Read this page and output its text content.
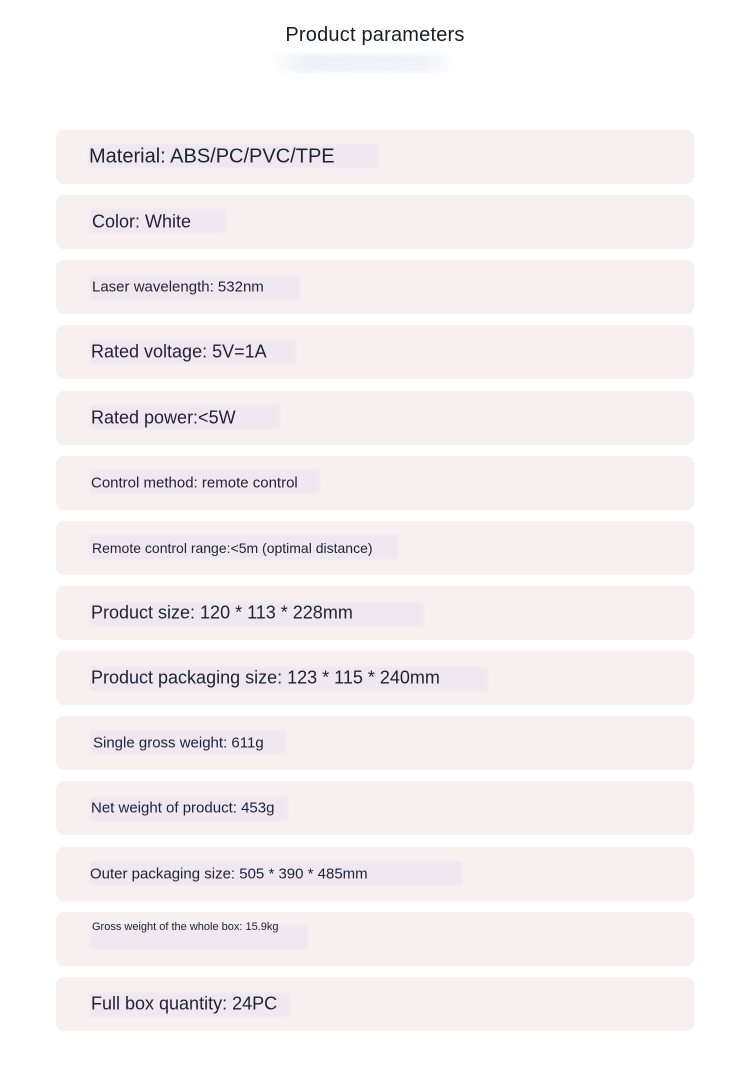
Product parameters
Material: ABS/PC/PVC/TPE
Color: White
Laser wavelength: 532nm
Rated voltage: 5V=1A
Rated power:<5W
Control method: remote control
Remote control range:<5m (optimal distance)
Product size: 120 * 113 * 228mm
Product packaging size: 123 * 115 * 240mm
Single gross weight: 611g
Net weight of product: 453g
Outer packaging size: 505 * 390 * 485mm
Gross weight of the whole box: 15.9kg
Full box quantity: 24PC
